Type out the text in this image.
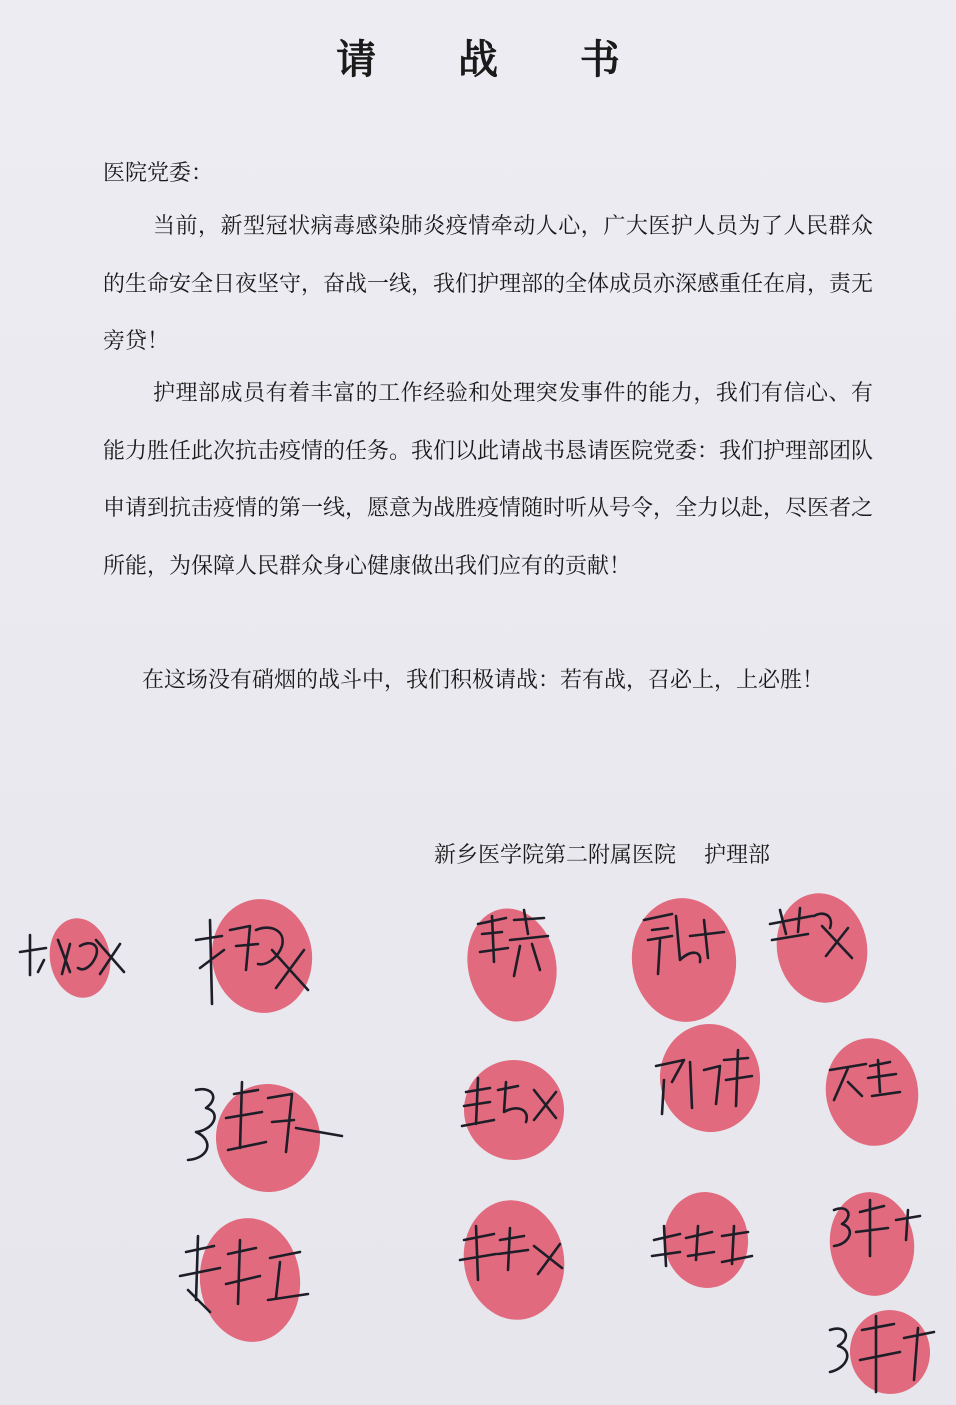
请 战 书
医院党委：

当前，新型冠状病毒感染肺炎疫情牵动人心，广大医护人员为了人民群众的生命安全日夜坚守，奋战一线，我们护理部的全体成员亦深感重任在肩，责无旁贷！

护理部成员有着丰富的工作经验和处理突发事件的能力，我们有信心、有能力胜任此次抗击疫情的任务。我们以此请战书恳请医院党委：我们护理部团队申请到抗击疫情的第一线，愿意为战胜疫情随时听从号令，全力以赴，尽医者之所能，为保障人民群众身心健康做出我们应有的贡献！

在这场没有硝烟的战斗中，我们积极请战：若有战，召必上，上必胜！

新乡医学院第二附属医院    护理部
